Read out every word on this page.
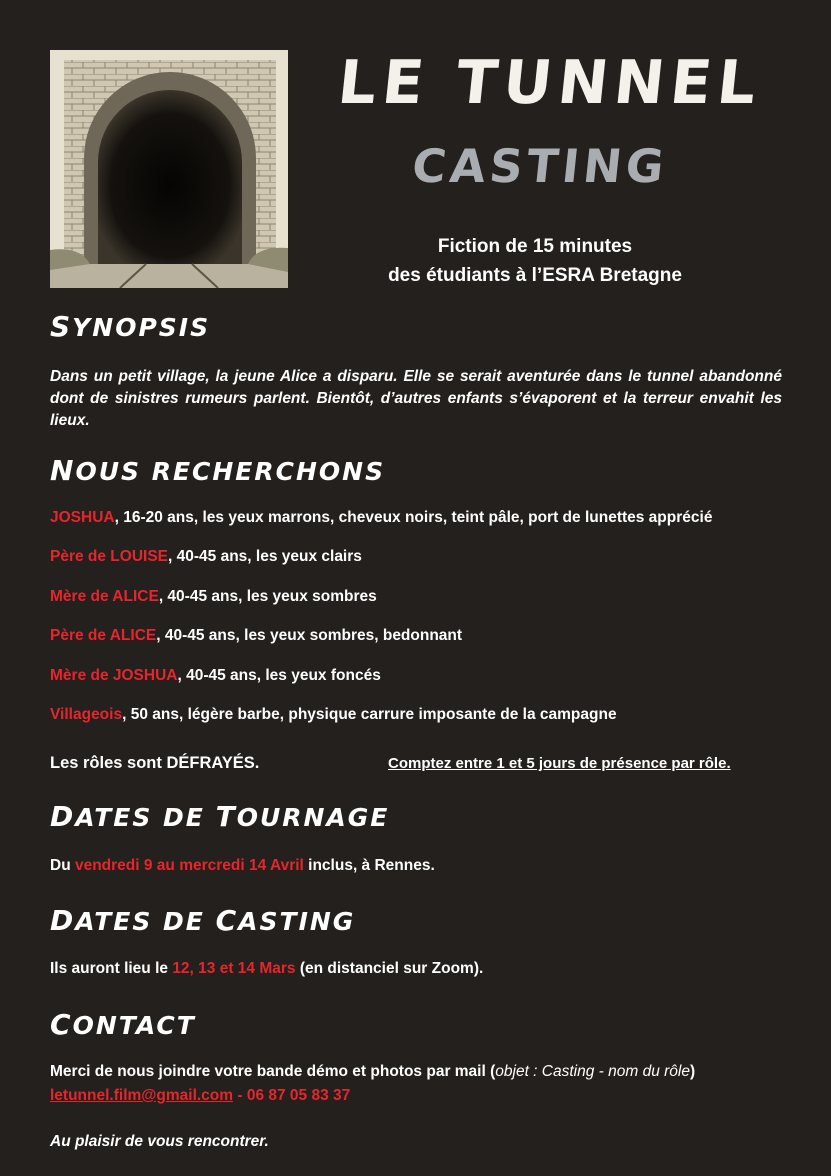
LE TUNNEL
CASTING
Fiction de 15 minutes
des étudiants à l’ESRA Bretagne
SYNOPSIS
Dans un petit village, la jeune Alice a disparu. Elle se serait aventurée dans le tunnel abandonné dont de sinistres rumeurs parlent. Bientôt, d’autres enfants s’évaporent et la terreur envahit les lieux.
NOUS RECHERCHONS
JOSHUA, 16-20 ans, les yeux marrons, cheveux noirs, teint pâle, port de lunettes apprécié
Père de LOUISE, 40-45 ans, les yeux clairs
Mère de ALICE, 40-45 ans, les yeux sombres
Père de ALICE, 40-45 ans, les yeux sombres, bedonnant
Mère de JOSHUA, 40-45 ans, les yeux foncés
Villageois, 50 ans, légère barbe, physique carrure imposante de la campagne
Les rôles sont DÉFRAYÉS.	Comptez entre 1 et 5 jours de présence par rôle.
DATES DE TOURNAGE
Du vendredi 9 au mercredi 14 Avril inclus, à Rennes.
DATES DE CASTING
Ils auront lieu le 12, 13 et 14 Mars (en distanciel sur Zoom).
CONTACT
Merci de nous joindre votre bande démo et photos par mail (objet : Casting - nom du rôle)
letunnel.film@gmail.com - 06 87 05 83 37
Au plaisir de vous rencontrer.
